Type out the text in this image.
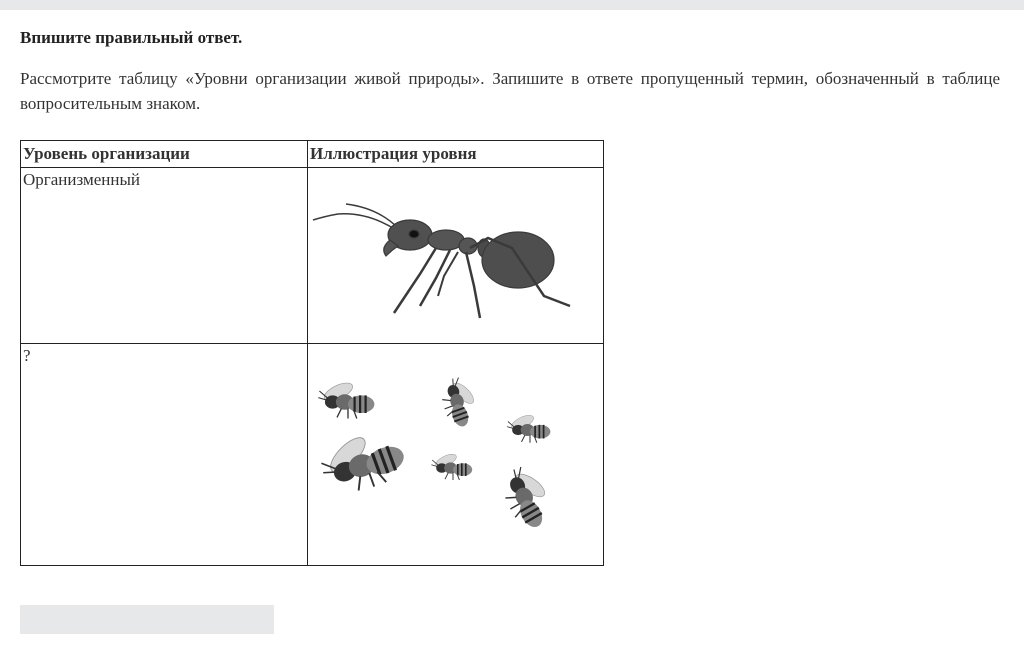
Впишите правильный ответ.
Рассмотрите таблицу «Уровни организации живой природы». Запишите в ответе пропущенный термин, обозначенный в таблице вопросительным знаком.
Уровень организации	Иллюстрация уровня
Организменный	

?	
